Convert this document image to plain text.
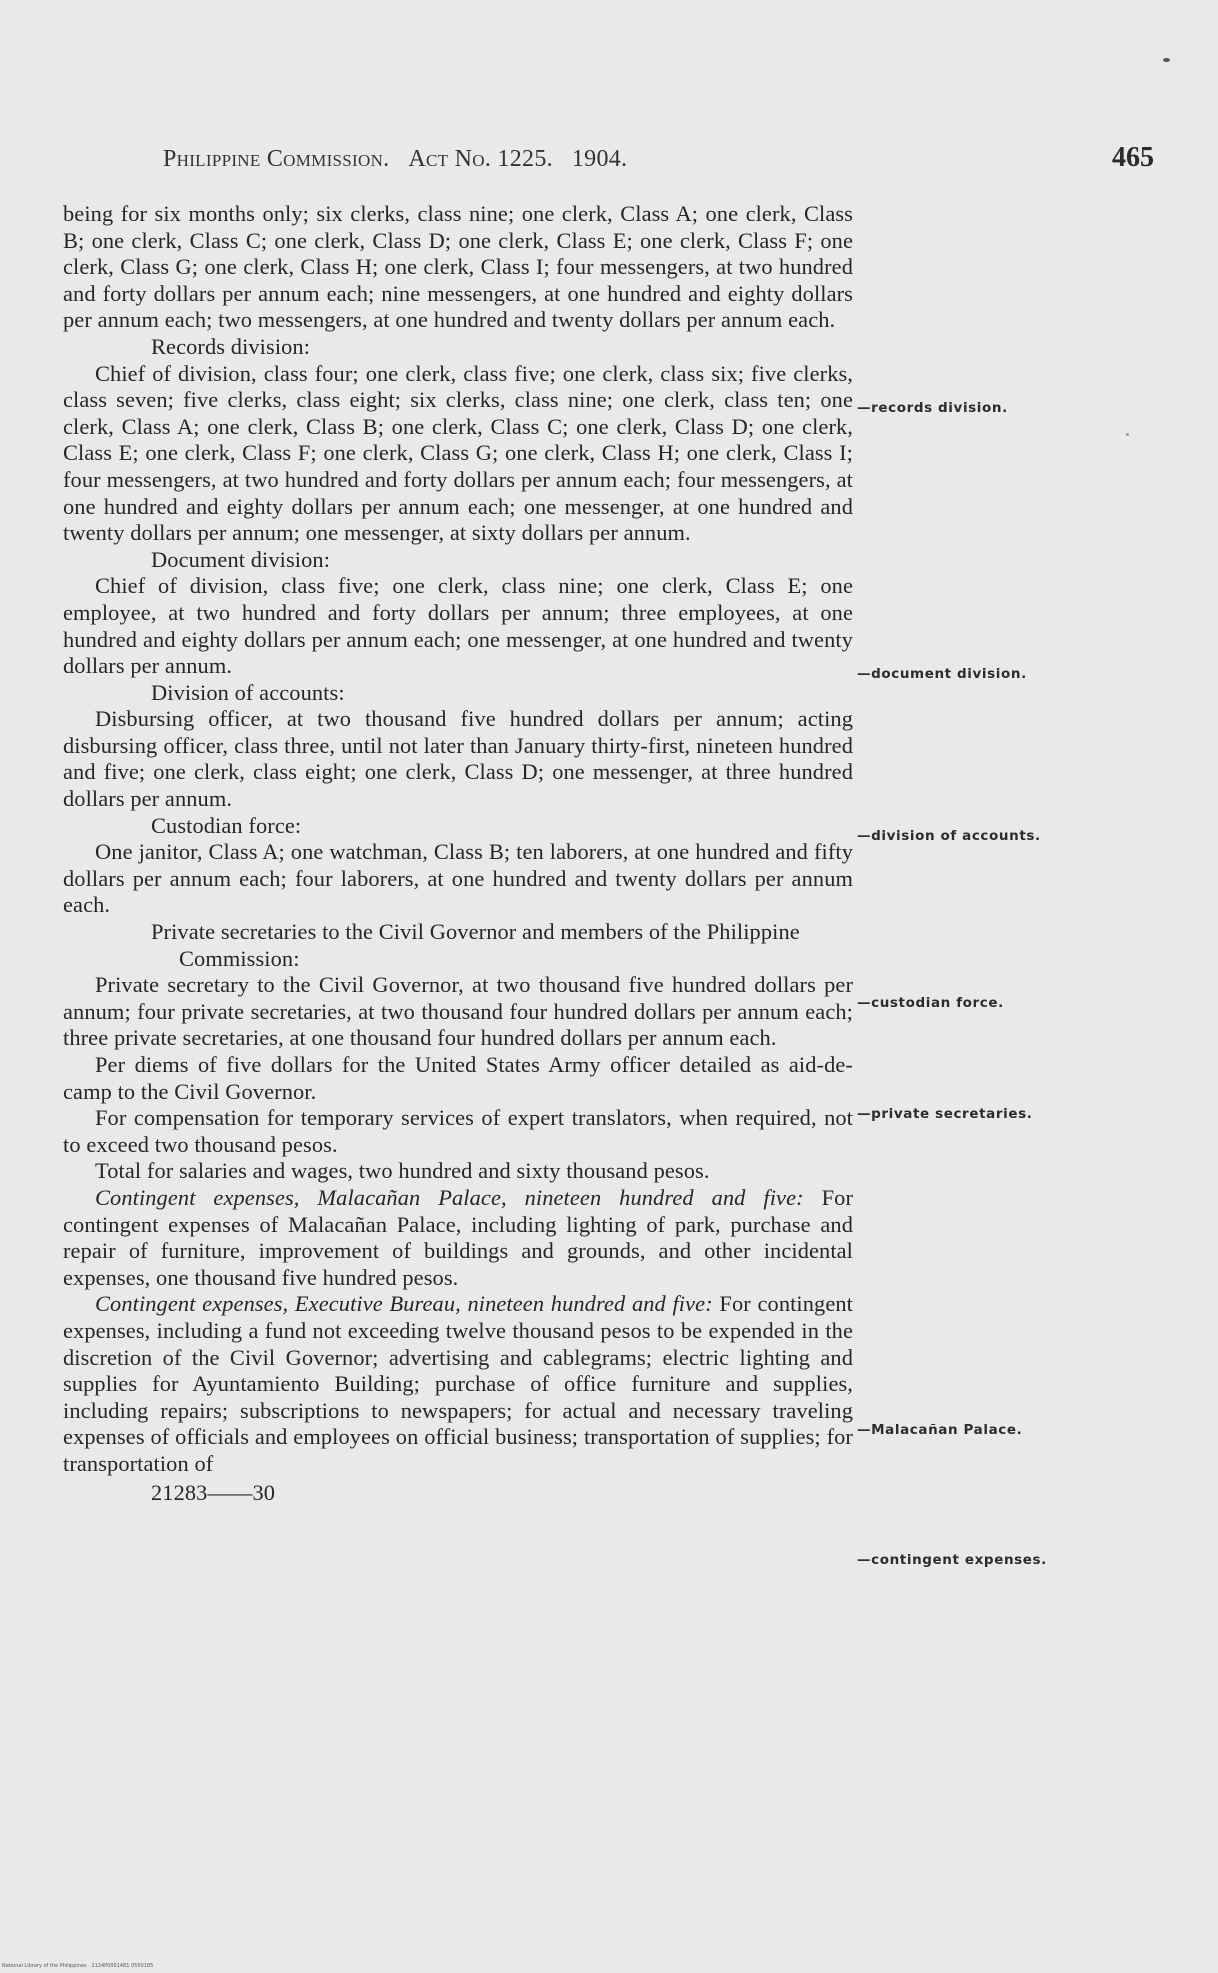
Philippine Commission. Act No. 1225. 1904.	465

being for six months only; six clerks, class nine; one clerk, Class A; one clerk, Class B; one clerk, Class C; one clerk, Class D; one clerk, Class E; one clerk, Class F; one clerk, Class G; one clerk, Class H; one clerk, Class I; four messengers, at two hundred and forty dollars per annum each; nine messengers, at one hundred and eighty dollars per annum each; two messengers, at one hundred and twenty dollars per annum each.

Records division:

Chief of division, class four; one clerk, class five; one clerk, class six; five clerks, class seven; five clerks, class eight; six clerks, class nine; one clerk, class ten; one clerk, Class A; one clerk, Class B; one clerk, Class C; one clerk, Class D; one clerk, Class E; one clerk, Class F; one clerk, Class G; one clerk, Class H; one clerk, Class I; four messengers, at two hundred and forty dollars per annum each; four messengers, at one hundred and eighty dollars per annum each; one messenger, at one hundred and twenty dollars per annum; one messenger, at sixty dollars per annum.

Document division:

Chief of division, class five; one clerk, class nine; one clerk, Class E; one employee, at two hundred and forty dollars per annum; three employees, at one hundred and eighty dollars per annum each; one messenger, at one hundred and twenty dollars per annum.

Division of accounts:

Disbursing officer, at two thousand five hundred dollars per annum; acting disbursing officer, class three, until not later than January thirty-first, nineteen hundred and five; one clerk, class eight; one clerk, Class D; one messenger, at three hundred dollars per annum.

Custodian force:

One janitor, Class A; one watchman, Class B; ten laborers, at one hundred and fifty dollars per annum each; four laborers, at one hundred and twenty dollars per annum each.

Private secretaries to the Civil Governor and members of the Philippine Commission:

Private secretary to the Civil Governor, at two thousand five hundred dollars per annum; four private secretaries, at two thousand four hundred dollars per annum each; three private secretaries, at one thousand four hundred dollars per annum each.

Per diems of five dollars for the United States Army officer detailed as aid-de-camp to the Civil Governor.

For compensation for temporary services of expert translators, when required, not to exceed two thousand pesos.

Total for salaries and wages, two hundred and sixty thousand pesos.

Contingent expenses, Malacañan Palace, nineteen hundred and five: For contingent expenses of Malacañan Palace, including lighting of park, purchase and repair of furniture, improvement of buildings and grounds, and other incidental expenses, one thousand five hundred pesos.

Contingent expenses, Executive Bureau, nineteen hundred and five: For contingent expenses, including a fund not exceeding twelve thousand pesos to be expended in the discretion of the Civil Governor; advertising and cablegrams; electric lighting and supplies for Ayuntamiento Building; purchase of office furniture and supplies, including repairs; subscriptions to newspapers; for actual and necessary traveling expenses of officials and employees on official business; transportation of supplies; for transportation of

21283——30

—records division.
—document division.
—division of accounts.
—custodian force.
—private secretaries.
—Malacañan Palace.
—contingent expenses.
National Library of the Philippines · 2124P0001481 0550185
